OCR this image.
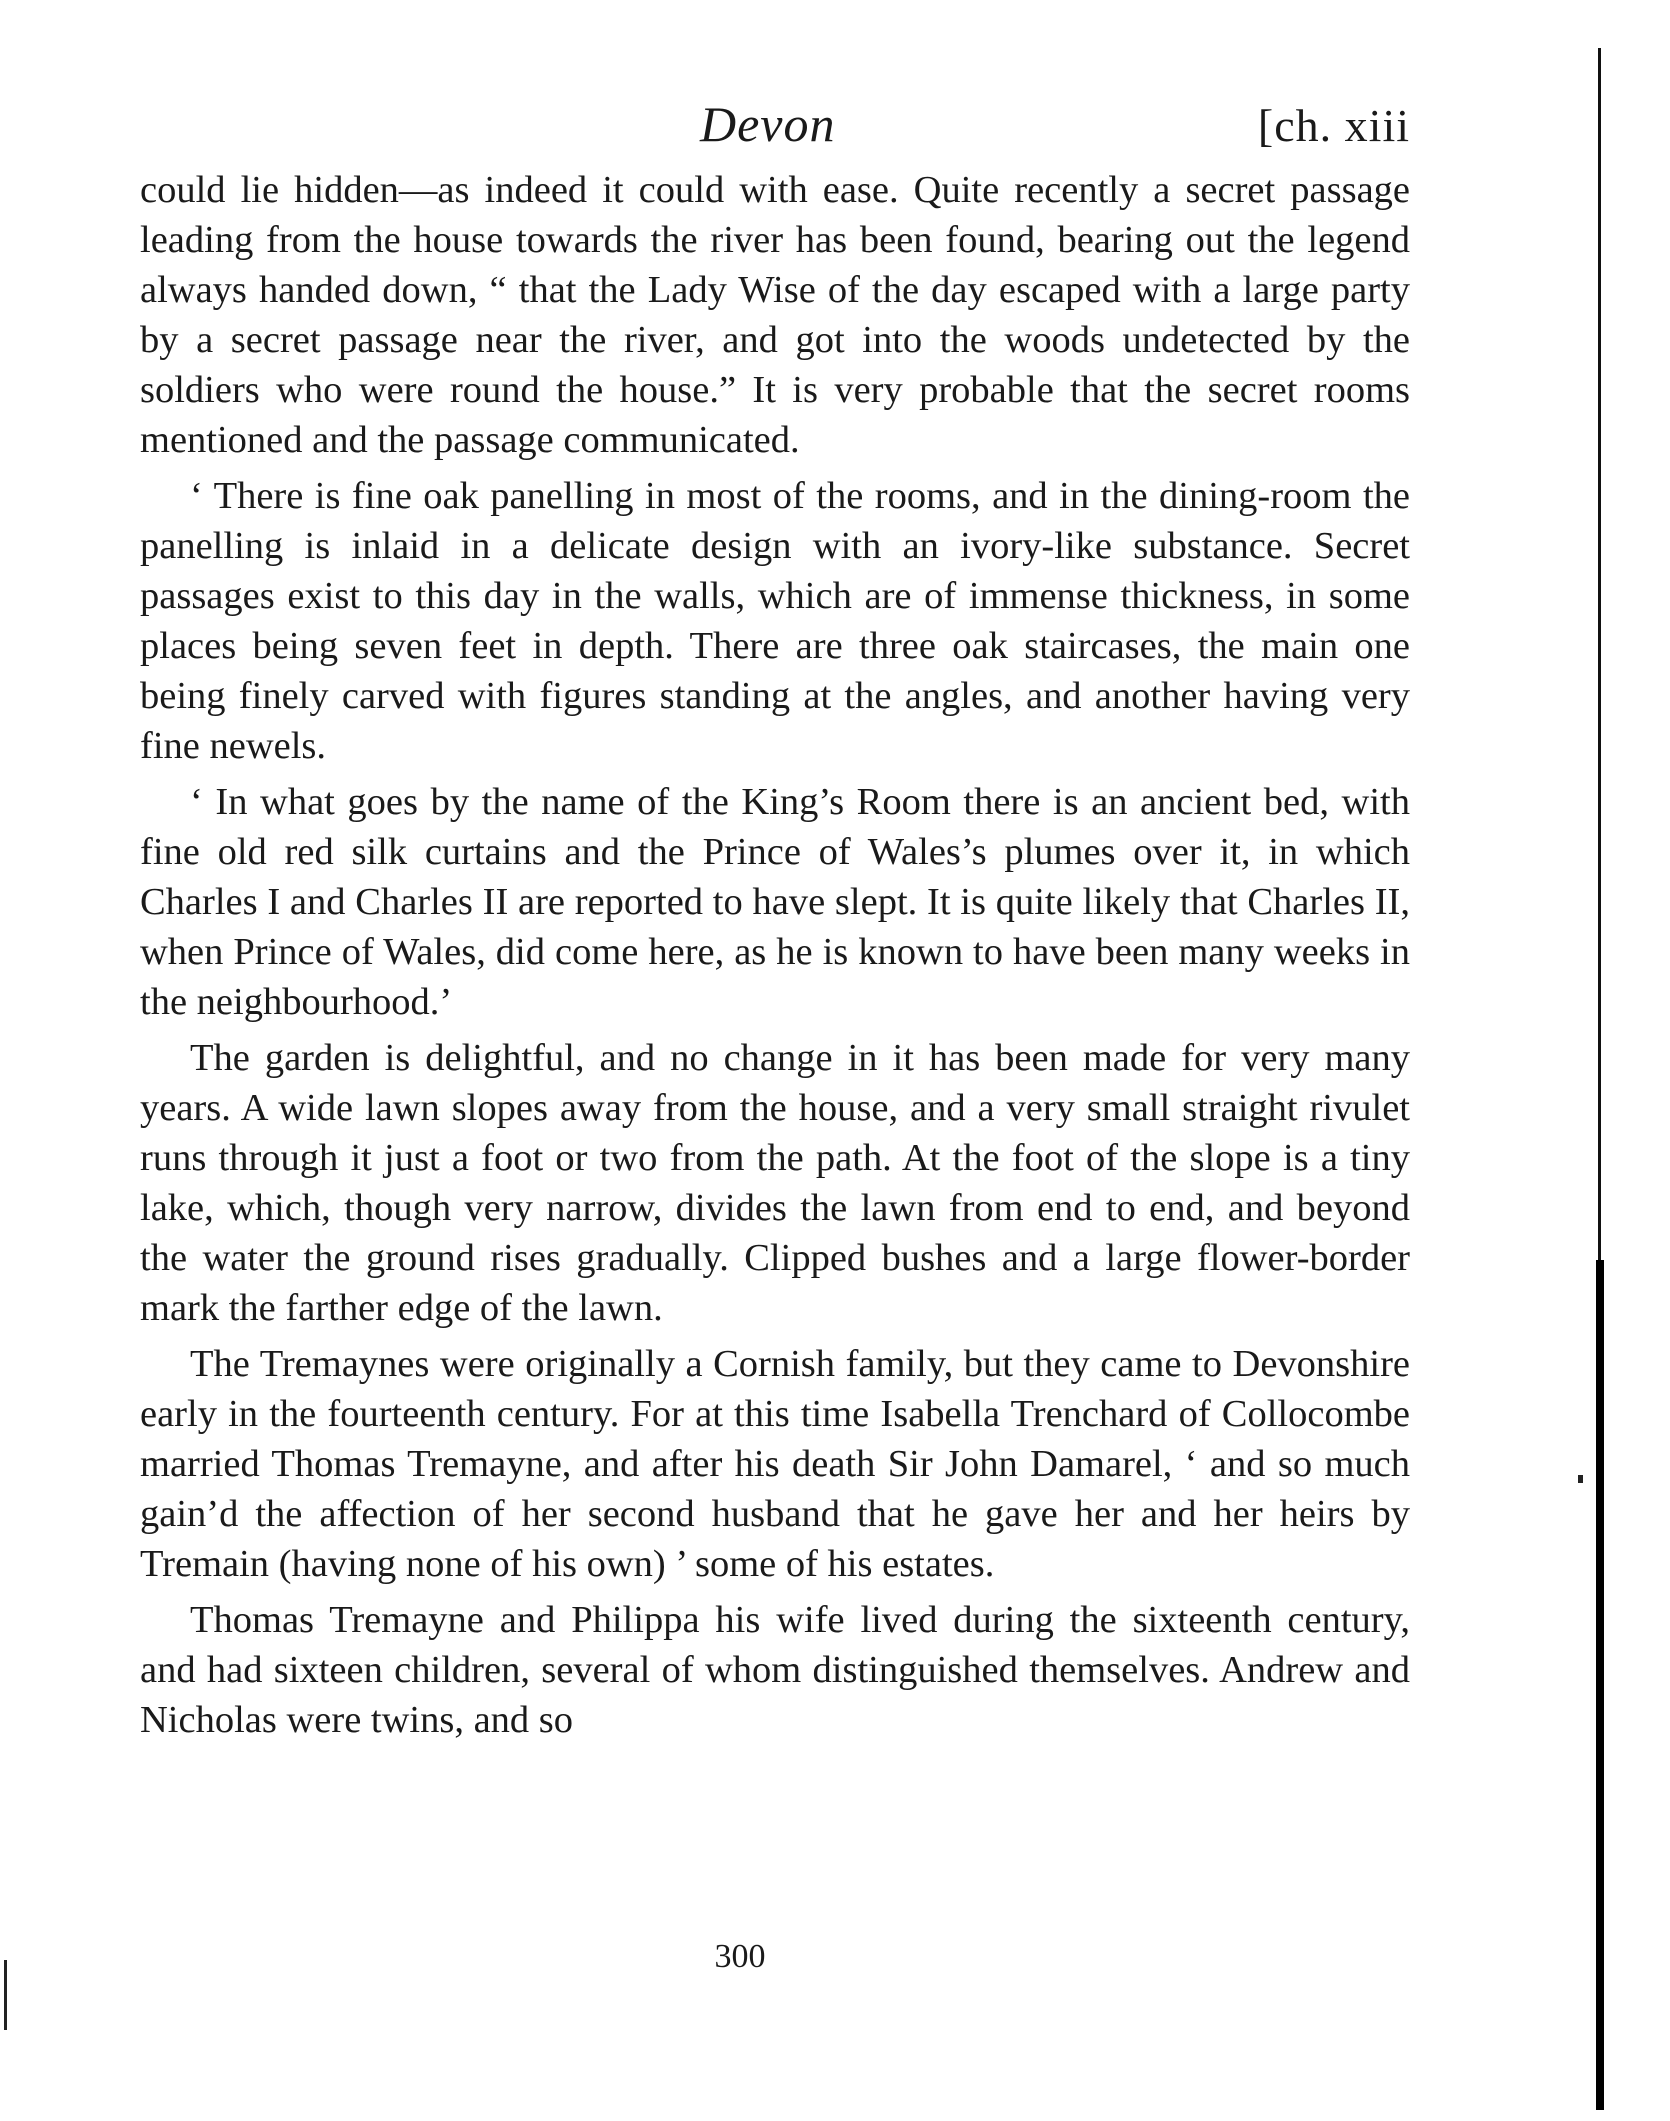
Devon	[ch. xiii

could lie hidden—as indeed it could with ease. Quite recently a secret passage leading from the house towards the river has been found, bearing out the legend always handed down, “ that the Lady Wise of the day escaped with a large party by a secret passage near the river, and got into the woods undetected by the soldiers who were round the house.” It is very probable that the secret rooms mentioned and the passage communicated.

‘ There is fine oak panelling in most of the rooms, and in the dining-room the panelling is inlaid in a delicate design with an ivory-like substance. Secret passages exist to this day in the walls, which are of immense thickness, in some places being seven feet in depth. There are three oak staircases, the main one being finely carved with figures standing at the angles, and another having very fine newels.

‘ In what goes by the name of the King’s Room there is an ancient bed, with fine old red silk curtains and the Prince of Wales’s plumes over it, in which Charles I and Charles II are reported to have slept. It is quite likely that Charles II, when Prince of Wales, did come here, as he is known to have been many weeks in the neighbourhood.’

The garden is delightful, and no change in it has been made for very many years. A wide lawn slopes away from the house, and a very small straight rivulet runs through it just a foot or two from the path. At the foot of the slope is a tiny lake, which, though very narrow, divides the lawn from end to end, and beyond the water the ground rises gradually. Clipped bushes and a large flower-border mark the farther edge of the lawn.

The Tremaynes were originally a Cornish family, but they came to Devonshire early in the fourteenth century. For at this time Isabella Trenchard of Collocombe married Thomas Tremayne, and after his death Sir John Damarel, ‘ and so much gain’d the affection of her second husband that he gave her and her heirs by Tremain (having none of his own) ’ some of his estates.

Thomas Tremayne and Philippa his wife lived during the sixteenth century, and had sixteen children, several of whom distinguished themselves. Andrew and Nicholas were twins, and so

300
